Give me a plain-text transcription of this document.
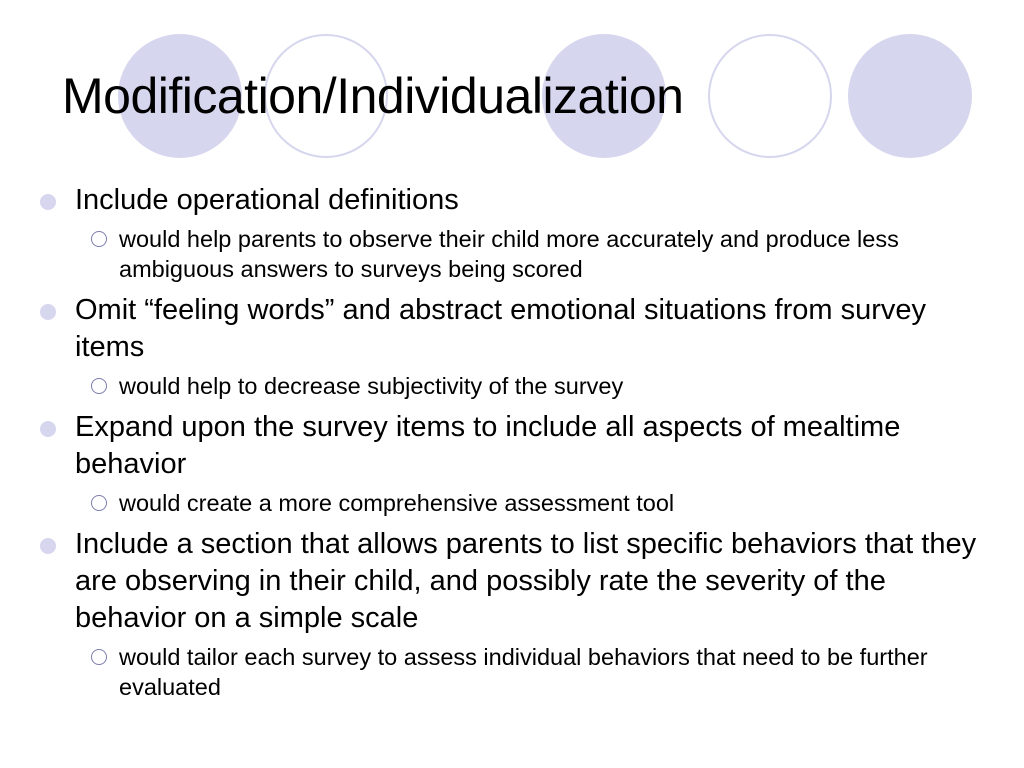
Modification/Individualization
Include operational definitions
would help parents to observe their child more accurately and produce less ambiguous answers to surveys being scored
Omit “feeling words” and abstract emotional situations from survey items
would help to decrease subjectivity of the survey
Expand upon the survey items to include all aspects of mealtime behavior
would create a more comprehensive assessment tool
Include a section that allows parents to list specific behaviors that they are observing in their child, and possibly rate the severity of the behavior on a simple scale
would tailor each survey to assess individual behaviors that need to be further evaluated
